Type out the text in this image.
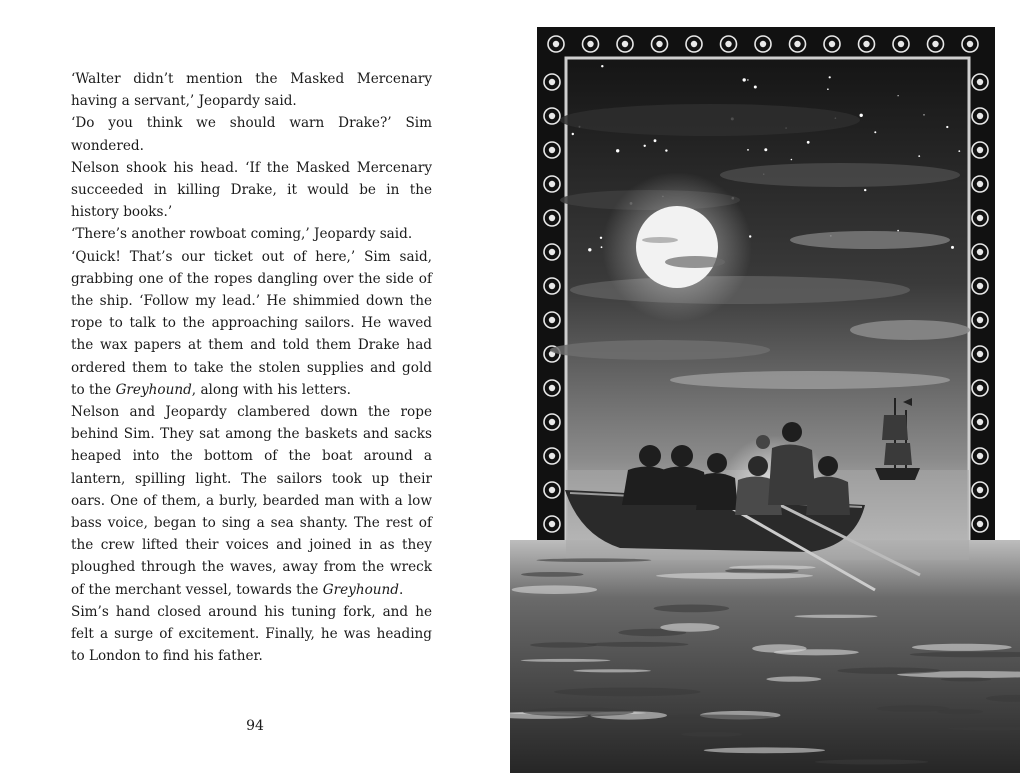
‘Walter didn’t mention the Masked Mercenary having a servant,’ Jeopardy said.

‘Do you think we should warn Drake?’ Sim wondered.

Nelson shook his head. ‘If the Masked Mercenary succeeded in killing Drake, it would be in the history books.’

‘There’s another rowboat coming,’ Jeopardy said.

‘Quick! That’s our ticket out of here,’ Sim said, grabbing one of the ropes dangling over the side of the ship. ‘Follow my lead.’ He shimmied down the rope to talk to the approaching sailors. He waved the wax papers at them and told them Drake had ordered them to take the stolen supplies and gold to the Greyhound, along with his letters.

Nelson and Jeopardy clambered down the rope behind Sim. They sat among the baskets and sacks heaped into the bottom of the boat around a lantern, spilling light. The sailors took up their oars. One of them, a burly, bearded man with a low bass voice, began to sing a sea shanty. The rest of the crew lifted their voices and joined in as they ploughed through the waves, away from the wreck of the merchant vessel, towards the Greyhound.

Sim’s hand closed around his tuning fork, and he felt a surge of excitement. Finally, he was heading to London to find his father.

94
